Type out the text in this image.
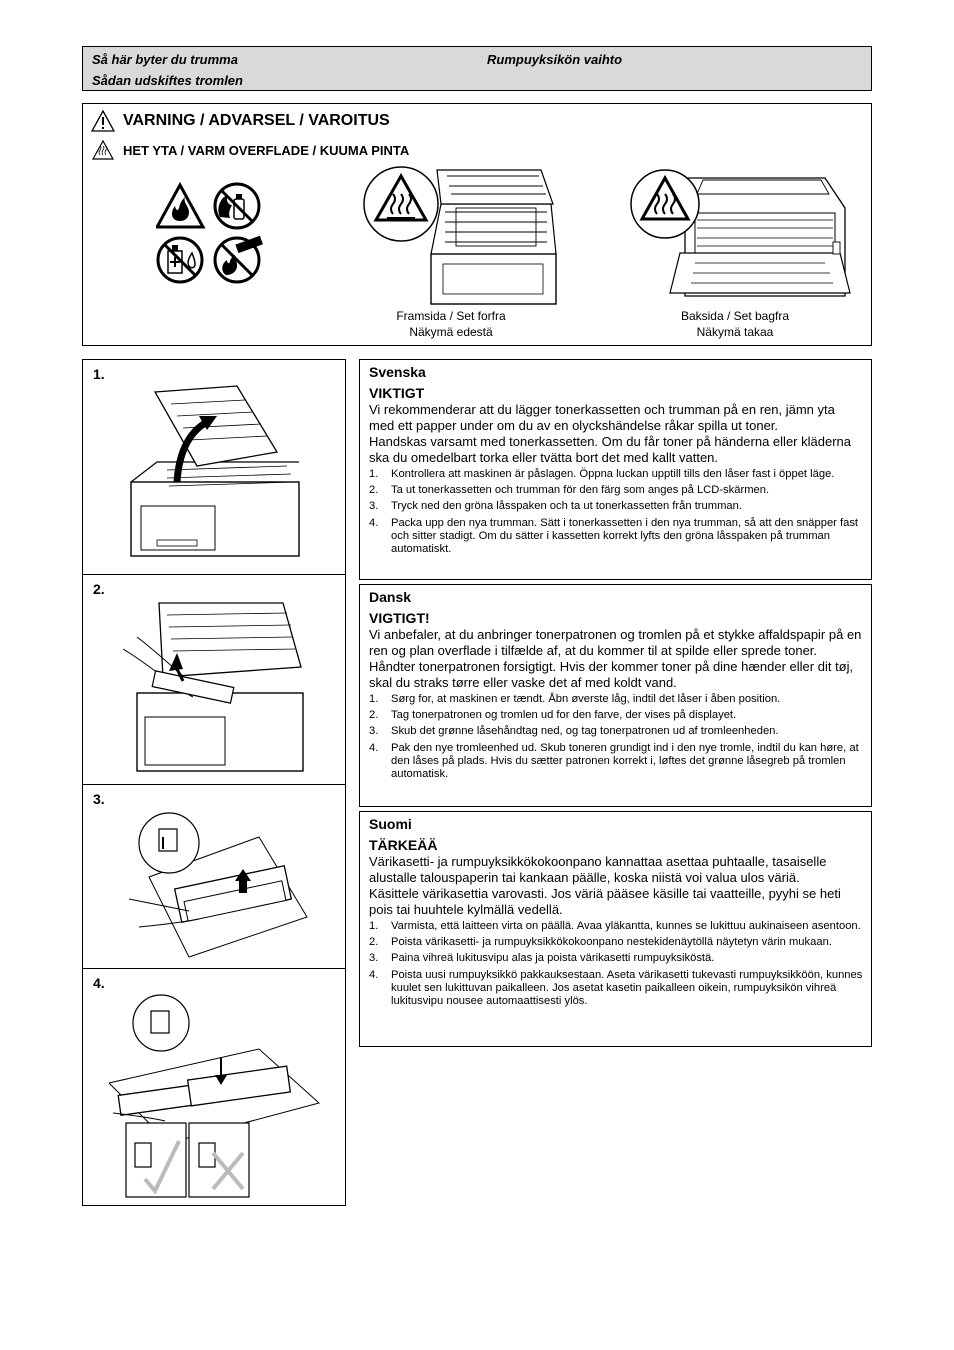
Så här byter du trumma
Sådan udskiftes tromlen
Rumpuyksikön vaihto
VARNING / ADVARSEL / VAROITUS
HET YTA / VARM OVERFLADE / KUUMA PINTA
Framsida / Set forfra
Näkymä edestä
Baksida / Set bagfra
Näkymä takaa
1.
2.
3.
4.
Svenska
VIKTIGT
Vi rekommenderar att du lägger tonerkassetten och trumman på en ren, jämn yta med ett papper under om du av en olyckshändelse råkar spilla ut toner.
Handskas varsamt med tonerkassetten. Om du får toner på händerna eller kläderna ska du omedelbart torka eller tvätta bort det med kallt vatten.
1. Kontrollera att maskinen är påslagen. Öppna luckan upptill tills den låser fast i öppet läge.
2. Ta ut tonerkassetten och trumman för den färg som anges på LCD-skärmen.
3. Tryck ned den gröna låsspaken och ta ut tonerkassetten från trumman.
4. Packa upp den nya trumman. Sätt i tonerkassetten i den nya trumman, så att den snäpper fast och sitter stadigt. Om du sätter i kassetten korrekt lyfts den gröna låsspaken på trumman automatiskt.
Dansk
VIGTIGT!
Vi anbefaler, at du anbringer tonerpatronen og tromlen på et stykke affaldspapir på en ren og plan overflade i tilfælde af, at du kommer til at spilde eller sprede toner.
Håndter tonerpatronen forsigtigt. Hvis der kommer toner på dine hænder eller dit tøj, skal du straks tørre eller vaske det af med koldt vand.
1. Sørg for, at maskinen er tændt. Åbn øverste låg, indtil det låser i åben position.
2. Tag tonerpatronen og tromlen ud for den farve, der vises på displayet.
3. Skub det grønne låsehåndtag ned, og tag tonerpatronen ud af tromleenheden.
4. Pak den nye tromleenhed ud. Skub toneren grundigt ind i den nye tromle, indtil du kan høre, at den låses på plads. Hvis du sætter patronen korrekt i, løftes det grønne låsegreb på tromlen automatisk.
Suomi
TÄRKEÄÄ
Värikasetti- ja rumpuyksikkökokoonpano kannattaa asettaa puhtaalle, tasaiselle alustalle talouspaperin tai kankaan päälle, koska niistä voi valua ulos väriä.
Käsittele värikasettia varovasti. Jos väriä pääsee käsille tai vaatteille, pyyhi se heti pois tai huuhtele kylmällä vedellä.
1. Varmista, että laitteen virta on päällä. Avaa yläkantta, kunnes se lukittuu aukinaiseen asentoon.
2. Poista värikasetti- ja rumpuyksikkökokoonpano nestekidenäytöllä näytetyn värin mukaan.
3. Paina vihreä lukitusvipu alas ja poista värikasetti rumpuyksiköstä.
4. Poista uusi rumpuyksikkö pakkauksestaan. Aseta värikasetti tukevasti rumpuyksikköön, kunnes kuulet sen lukittuvan paikalleen. Jos asetat kasetin paikalleen oikein, rumpuyksikön vihreä lukitusvipu nousee automaattisesti ylös.
